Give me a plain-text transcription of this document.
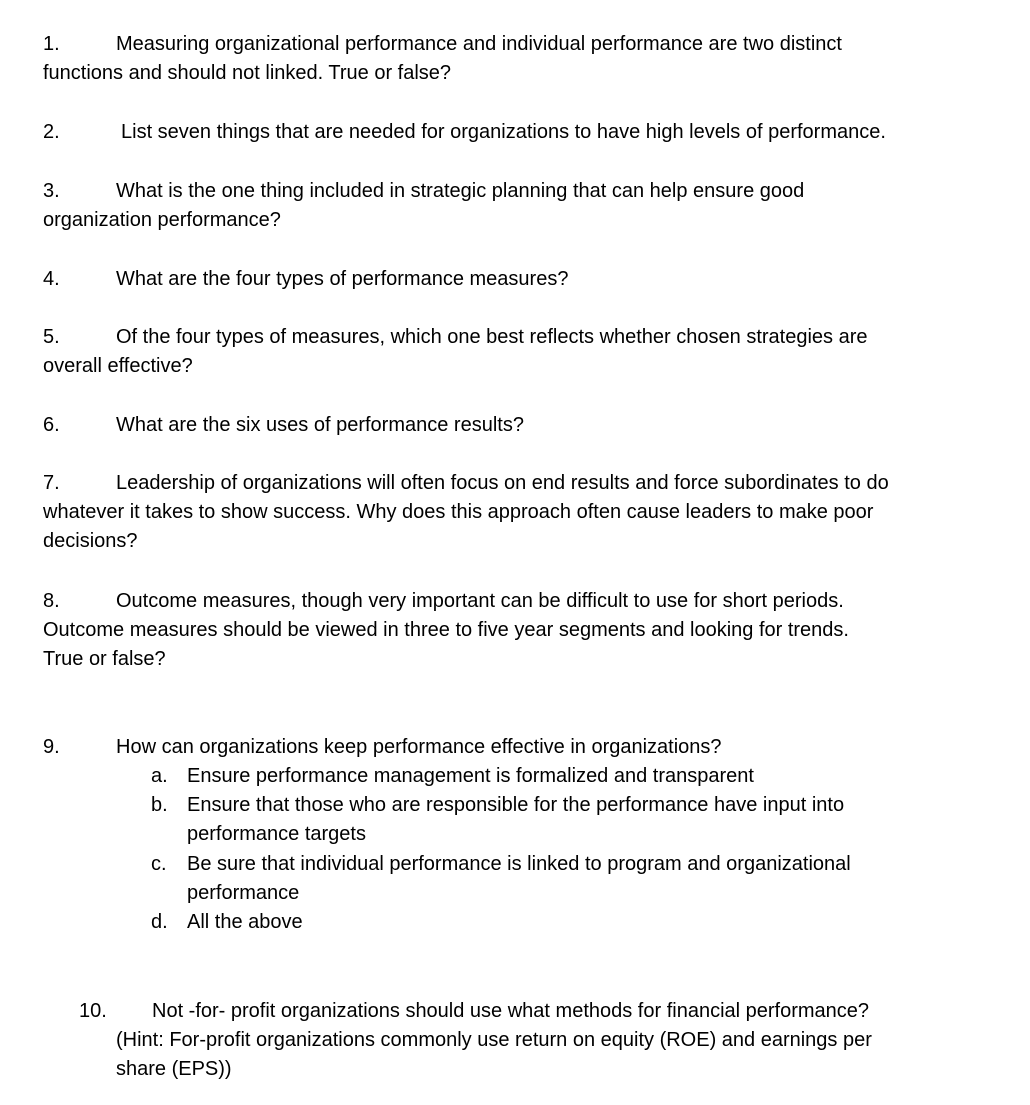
1.	Measuring organizational performance and individual performance are two distinct
functions and should not linked. True or false?
2.	List seven things that are needed for organizations to have high levels of performance.
3.	What is the one thing included in strategic planning that can help ensure good
organization performance?
4.	What are the four types of performance measures?
5.	Of the four types of measures, which one best reflects whether chosen strategies are
overall effective?
6.	What are the six uses of performance results?
7.	Leadership of organizations will often focus on end results and force subordinates to do
whatever it takes to show success. Why does this approach often cause leaders to make poor
decisions?
8.	Outcome measures, though very important can be difficult to use for short periods.
Outcome measures should be viewed in three to five year segments and looking for trends.
True or false?
9.	How can organizations keep performance effective in organizations?
a. Ensure performance management is formalized and transparent
b. Ensure that those who are responsible for the performance have input into
performance targets
c. Be sure that individual performance is linked to program and organizational
performance
d. All the above
10. Not -for- profit organizations should use what methods for financial performance?
(Hint: For-profit organizations commonly use return on equity (ROE) and earnings per
share (EPS))
